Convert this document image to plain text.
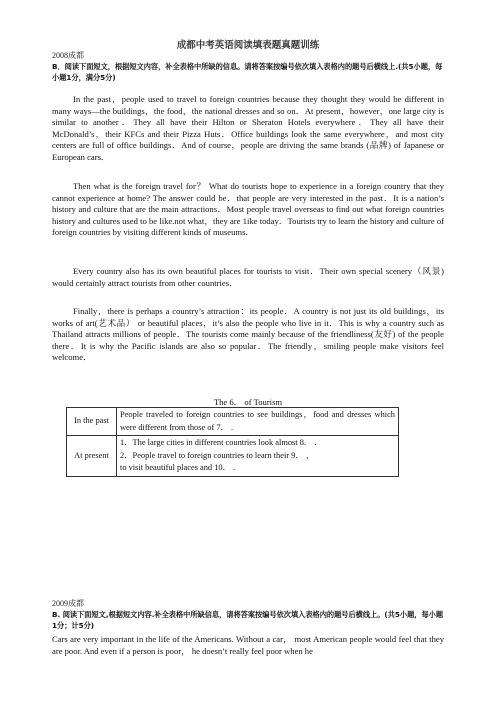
成都中考英语阅读填表题真题训练
2008成都
B．阅读下面短文，根据短文内容，补全表格中所缺的信息。请将答案按编号依次填入表格内的题号后横线上.(共5小题，每小题1分，满分5分)

In the past，people used to travel to foreign countries because they thought they would be different in many ways—the buildings，the food，the national dresses and so on．At present，however，one large city is similar to another．They all have their Hilton or Sheraton Hotels everywhere．They all have their McDonald’s，their KFCs and their Pizza Huts．Office buildings look the same everywhere，and most city centers are full of office buildings．And of course，people are driving the same brands (品牌) of Japanese or European cars．

Then what is the foreign travel for？ What do tourists hope to experience in a foreign country that they cannot experience at home? The answer could be．that people are very interested in the past．It is a nation’s history and culture that are the main attractions．Most people travel overseas to find out what foreign countries history and cultures used to be like.not what，they are 1ike today．Tourists try to learn the history and culture of foreign countries by visiting different kinds of museums．

Every country also has its own beautiful places for tourists to visit．Their own special scenery（风景) would certainly attract tourists from other countries．

Finally，there is perhaps a country’s attraction：its people．A country is not just its old buildings，its works of art(艺术品） or beautiful places，it’s also the people who live in it．This is why a country such as Thailand attracts millions of people．The tourists come mainly because of the friendliness(友好) of the people there．It is why the Pacific islands are also so popular．The friendly，smiling people make visitors feel welcome．

The 6． of Tourism
In the past	People traveled to foreign countries to see buildings，food and dresses which were different from those of 7． .
At present	1．The large cities in different countries look almost 8． .
2．People travel to foreign countries to learn their 9． ，
to visit beautiful places and 10． .
2009成都
B. 阅读下面短文,根据短文内容.补全表格中所缺信息，请将答案按编号依次填入表格内的题号后横线上。(共5小题，每小题1分；计5分)

Cars are very important in the life of the Americans. Without a car， most American people would feel that they are poor. And even if a person is poor， he doesn’t really feel poor when he
